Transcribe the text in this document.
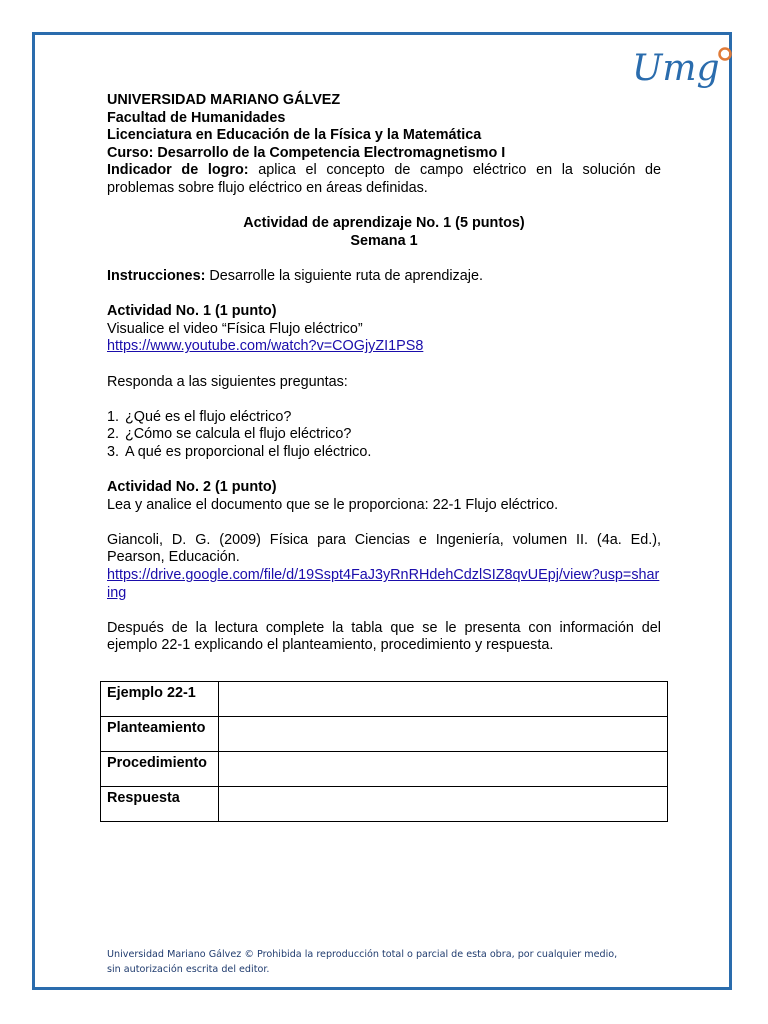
Umg

UNIVERSIDAD MARIANO GÁLVEZ

Facultad de Humanidades

Licenciatura en Educación de la Física y la Matemática

Curso: Desarrollo de la Competencia Electromagnetismo I

Indicador de logro: aplica el concepto de campo eléctrico en la solución de problemas sobre flujo eléctrico en áreas definidas.

Actividad de aprendizaje No. 1 (5 puntos)

Semana 1

Instrucciones: Desarrolle la siguiente ruta de aprendizaje.

Actividad No. 1 (1 punto)

Visualice el video “Física Flujo eléctrico”

https://www.youtube.com/watch?v=COGjyZI1PS8

Responda a las siguientes preguntas:

1. ¿Qué es el flujo eléctrico?
2. ¿Cómo se calcula el flujo eléctrico?
3. A qué es proporcional el flujo eléctrico.

Actividad No. 2 (1 punto)

Lea y analice el documento que se le proporciona: 22-1 Flujo eléctrico.

Giancoli, D. G. (2009) Física para Ciencias e Ingeniería, volumen II. (4a. Ed.), Pearson, Educación.

https://drive.google.com/file/d/19Sspt4FaJ3yRnRHdehCdzlSIZ8qvUEpj/view?usp=sharing

Después de la lectura complete la tabla que se le presenta con información del ejemplo 22-1 explicando el planteamiento, procedimiento y respuesta.

Ejemplo 22-1	
Planteamiento	
Procedimiento	
Respuesta	
Universidad Mariano Gálvez © Prohibida la reproducción total o parcial de esta obra, por cualquier medio,
sin autorización escrita del editor.
